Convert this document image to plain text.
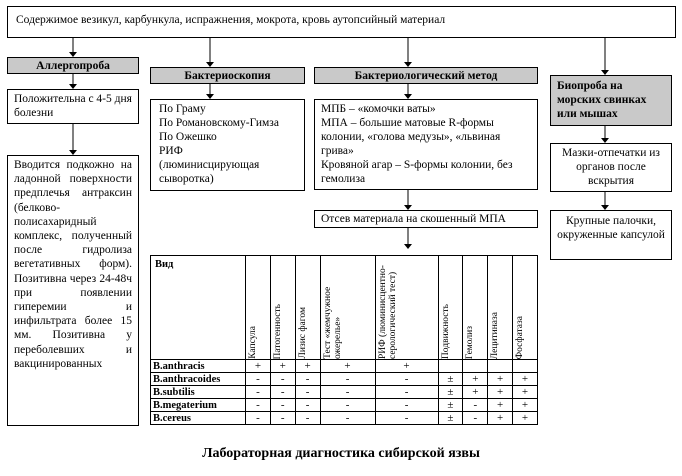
Содержимое везикул, карбункула, испражнения, мокрота, кровь аутопсийный материал
Аллергопроба
Положительна с 4-5 дня болезни
Вводится подкожно на ладонной поверхности предплечья антраксин (белково-полисахаридный комплекс, полученный после гидролиза вегетативных форм). Позитивна через 24-48ч при появлении гиперемии и инфильтрата более 15 мм. Позитивна у переболевших и вакцинированных
Бактериоскопия
По Граму
По Романовскому-Гимза
По Ожешко
РИФ
(люминисцирующая сыворотка)
Бактериологический метод
МПБ – «комочки ваты»
МПА – большие матовые R-формы колонии, «голова медузы», «львиная грива»
Кровяной агар – S-формы колонии, без гемолиза
Отсев материала на скошенный МПА
Биопроба на морских свинках или мышах
Мазки-отпечатки из органов после вскрытия
Крупные палочки, окруженные капсулой
Вид	Капсула	Патогенность	Лизис фагом	Тест «жемчужное ожерелье»	РИФ (люминисцентно-серологический тест)	Подвижность	Гемолиз	Лецитиназа	Фосфатаза

B.anthracis	+	+	+	+	+				
B.anthracoides	-	-	-	-	-	±	+	+	+
B.subtilis	-	-	-	-	-	±	+	+	+
B.megaterium	-	-	-	-	-	±	-	+	+
B.cereus	-	-	-	-	-	±	-	+	+
Лабораторная диагностика сибирской язвы
